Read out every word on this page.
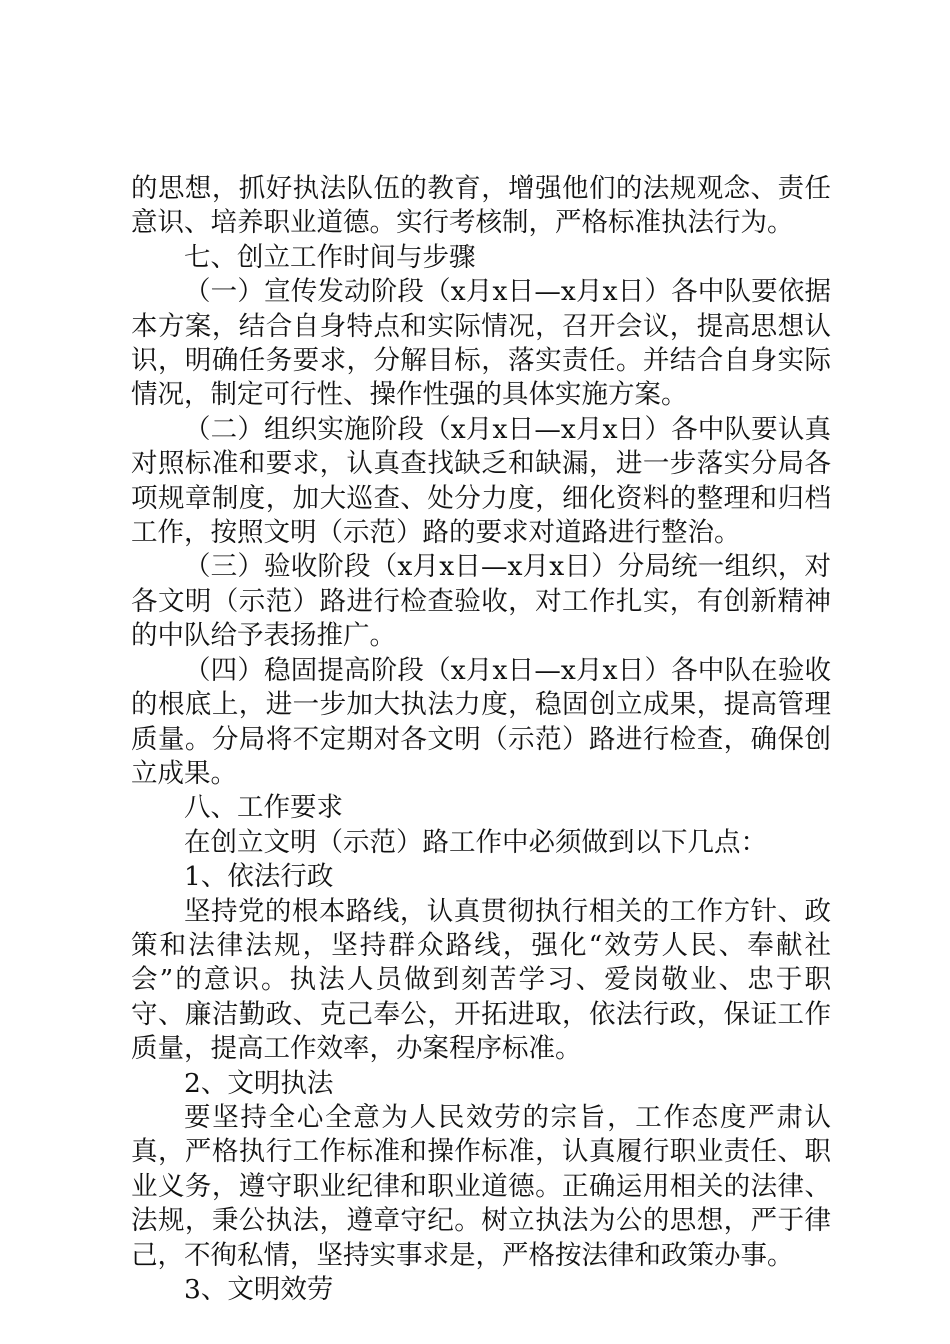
的思想，抓好执法队伍的教育，增强他们的法规观念、责任意识、培养职业道德。实行考核制，严格标准执法行为。

七、创立工作时间与步骤

（一）宣传发动阶段（x月x日—x月x日）各中队要依据本方案，结合自身特点和实际情况，召开会议，提高思想认识，明确任务要求，分解目标，落实责任。并结合自身实际情况，制定可行性、操作性强的具体实施方案。

（二）组织实施阶段（x月x日—x月x日）各中队要认真对照标准和要求，认真查找缺乏和缺漏，进一步落实分局各项规章制度，加大巡查、处分力度，细化资料的整理和归档工作，按照文明（示范）路的要求对道路进行整治。

（三）验收阶段（x月x日—x月x日）分局统一组织，对各文明（示范）路进行检查验收，对工作扎实，有创新精神的中队给予表扬推广。

（四）稳固提高阶段（x月x日—x月x日）各中队在验收的根底上，进一步加大执法力度，稳固创立成果，提高管理质量。分局将不定期对各文明（示范）路进行检查，确保创立成果。

八、工作要求

在创立文明（示范）路工作中必须做到以下几点：

1、依法行政

坚持党的根本路线，认真贯彻执行相关的工作方针、政策和法律法规，坚持群众路线，强化“效劳人民、奉献社会”的意识。执法人员做到刻苦学习、爱岗敬业、忠于职守、廉洁勤政、克己奉公，开拓进取，依法行政，保证工作质量，提高工作效率，办案程序标准。

2、文明执法

要坚持全心全意为人民效劳的宗旨，工作态度严肃认真，严格执行工作标准和操作标准，认真履行职业责任、职业义务，遵守职业纪律和职业道德。正确运用相关的法律、法规，秉公执法，遵章守纪。树立执法为公的思想，严于律己，不徇私情，坚持实事求是，严格按法律和政策办事。

3、文明效劳
